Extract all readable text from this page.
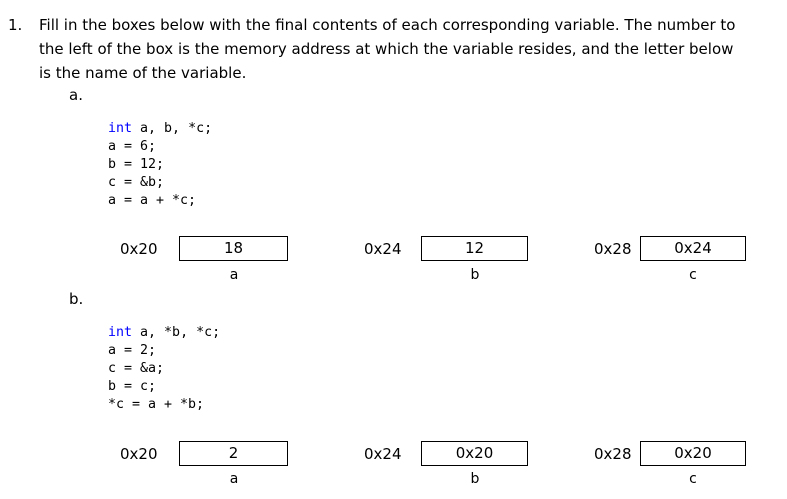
1. Fill in the boxes below with the final contents of each corresponding variable. The number to the left of the box is the memory address at which the variable resides, and the letter below is the name of the variable.
a.
int a, b, *c;
a = 6;
b = 12;
c = &b;
a = a + *c;
0x20	18
a
0x24	12
b
0x28	0x24
c
b.
int a, *b, *c;
a = 2;
c = &a;
b = c;
*c = a + *b;
0x20	2
a
0x24	0x20
b
0x28	0x20
c
